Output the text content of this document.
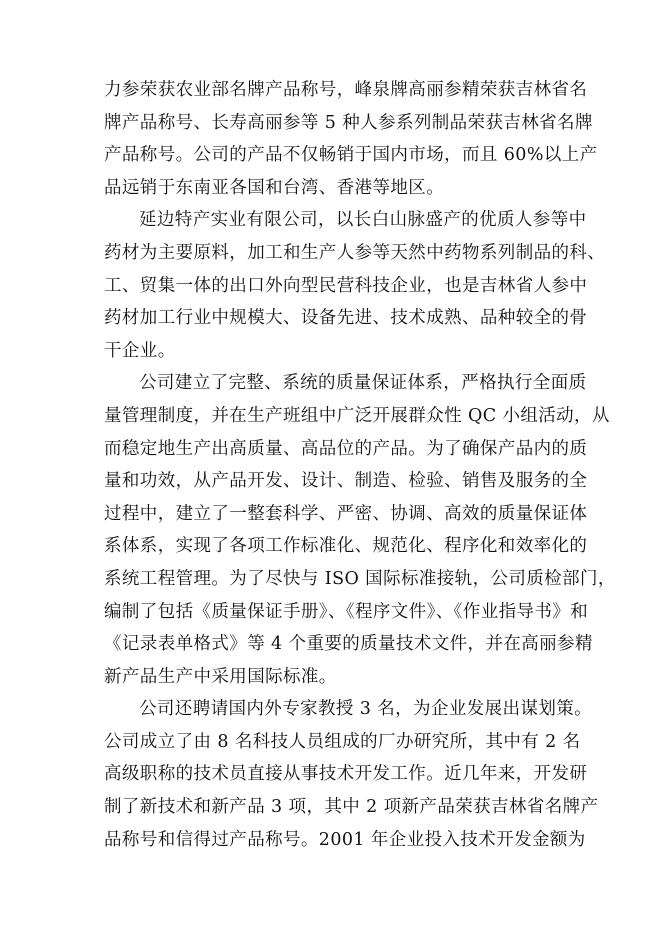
力参荣获农业部名牌产品称号，峰泉牌高丽参精荣获吉林省名
牌产品称号、长寿高丽参等 5 种人参系列制品荣获吉林省名牌
产品称号。公司的产品不仅畅销于国内市场，而且 60%以上产
品远销于东南亚各国和台湾、香港等地区。
延边特产实业有限公司，以长白山脉盛产的优质人参等中
药材为主要原料，加工和生产人参等天然中药物系列制品的科、
工、贸集一体的出口外向型民营科技企业，也是吉林省人参中
药材加工行业中规模大、设备先进、技术成熟、品种较全的骨
干企业。
公司建立了完整、系统的质量保证体系，严格执行全面质
量管理制度，并在生产班组中广泛开展群众性 QC 小组活动，从
而稳定地生产出高质量、高品位的产品。为了确保产品内的质
量和功效，从产品开发、设计、制造、检验、销售及服务的全
过程中，建立了一整套科学、严密、协调、高效的质量保证体
系体系，实现了各项工作标准化、规范化、程序化和效率化的
系统工程管理。为了尽快与 ISO 国际标准接轨，公司质检部门，
编制了包括《质量保证手册》、《程序文件》、《作业指导书》和
《记录表单格式》等 4 个重要的质量技术文件，并在高丽参精
新产品生产中采用国际标准。
公司还聘请国内外专家教授 3 名，为企业发展出谋划策。
公司成立了由 8 名科技人员组成的厂办研究所，其中有 2 名
高级职称的技术员直接从事技术开发工作。近几年来，开发研
制了新技术和新产品 3 项，其中 2 项新产品荣获吉林省名牌产
品称号和信得过产品称号。2001 年企业投入技术开发金额为
